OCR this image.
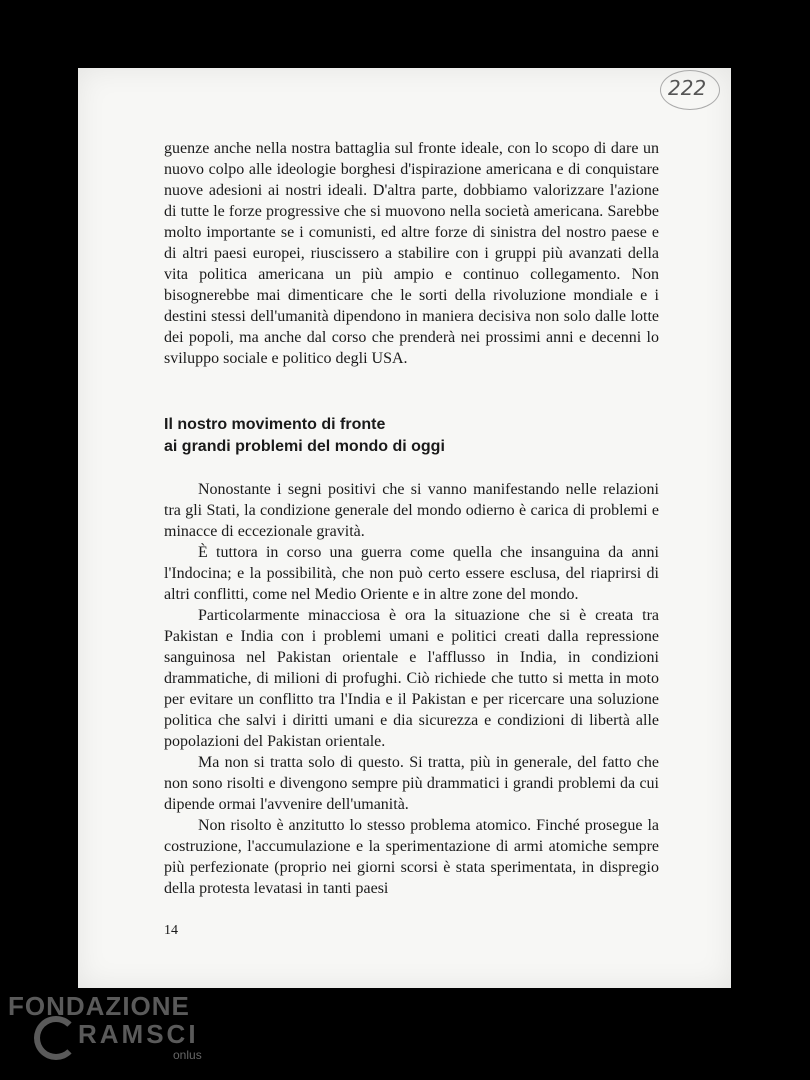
222

guenze anche nella nostra battaglia sul fronte ideale, con lo scopo di dare un nuovo colpo alle ideologie borghesi d'ispirazione americana e di conquistare nuove adesioni ai nostri ideali. D'altra parte, dobbiamo valorizzare l'azione di tutte le forze progressive che si muovono nella società americana. Sarebbe molto importante se i comunisti, ed altre forze di sinistra del nostro paese e di altri paesi europei, riuscissero a stabilire con i gruppi più avanzati della vita politica americana un più ampio e continuo collegamento. Non bisognerebbe mai dimenticare che le sorti della rivoluzione mondiale e i destini stessi dell'umanità dipendono in maniera decisiva non solo dalle lotte dei popoli, ma anche dal corso che prenderà nei prossimi anni e decenni lo sviluppo sociale e politico degli USA.

Il nostro movimento di fronte
ai grandi problemi del mondo di oggi

Nonostante i segni positivi che si vanno manifestando nelle relazioni tra gli Stati, la condizione generale del mondo odierno è carica di problemi e minacce di eccezionale gravità.

È tuttora in corso una guerra come quella che insanguina da anni l'Indocina; e la possibilità, che non può certo essere esclusa, del riaprirsi di altri conflitti, come nel Medio Oriente e in altre zone del mondo.

Particolarmente minacciosa è ora la situazione che si è creata tra Pakistan e India con i problemi umani e politici creati dalla repressione sanguinosa nel Pakistan orientale e l'afflusso in India, in condizioni drammatiche, di milioni di profughi. Ciò richiede che tutto si metta in moto per evitare un conflitto tra l'India e il Pakistan e per ricercare una soluzione politica che salvi i diritti umani e dia sicurezza e condizioni di libertà alle popolazioni del Pakistan orientale.

Ma non si tratta solo di questo. Si tratta, più in generale, del fatto che non sono risolti e divengono sempre più drammatici i grandi problemi da cui dipende ormai l'avvenire dell'umanità.

Non risolto è anzitutto lo stesso problema atomico. Finché prosegue la costruzione, l'accumulazione e la sperimentazione di armi atomiche sempre più perfezionate (proprio nei giorni scorsi è stata sperimentata, in dispregio della protesta levatasi in tanti paesi

14
FONDAZIONE
RAMSCI
onlus
